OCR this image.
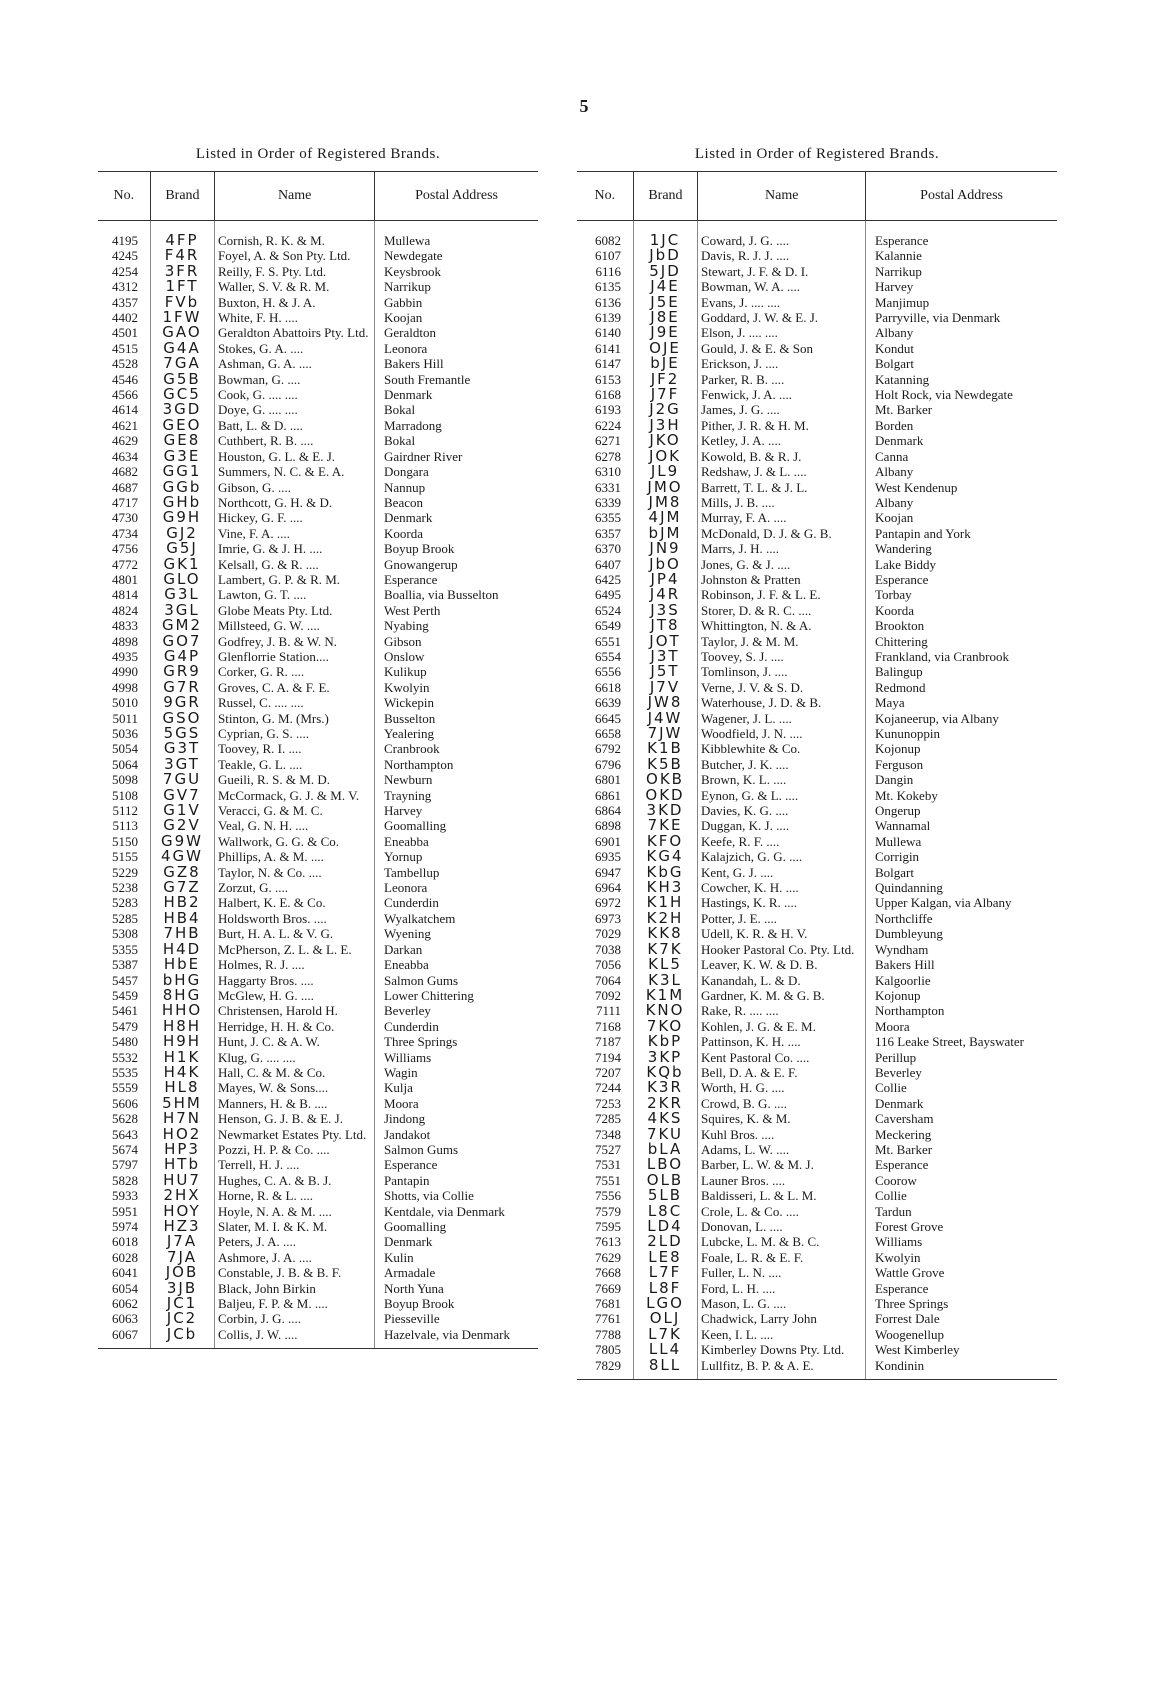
5
Listed in Order of Registered Brands.
No.	Brand	Name	Postal Address
4195	4FP	Cornish, R. K. & M.	Mullewa
4245	F4R	Foyel, A. & Son Pty. Ltd.	Newdegate
4254	3FR	Reilly, F. S. Pty. Ltd.	Keysbrook
4312	1FT	Waller, S. V. & R. M.	Narrikup
4357	FVb	Buxton, H. & J. A.	Gabbin
4402	1FW	White, F. H. ....	Koojan
4501	GAO	Geraldton Abattoirs Pty. Ltd.	Geraldton
4515	G4A	Stokes, G. A. ....	Leonora
4528	7GA	Ashman, G. A. ....	Bakers Hill
4546	G5B	Bowman, G. ....	South Fremantle
4566	GC5	Cook, G. .... ....	Denmark
4614	3GD	Doye, G. .... ....	Bokal
4621	GEO	Batt, L. & D. ....	Marradong
4629	GE8	Cuthbert, R. B. ....	Bokal
4634	G3E	Houston, G. L. & E. J.	Gairdner River
4682	GG1	Summers, N. C. & E. A.	Dongara
4687	GGb	Gibson, G. ....	Nannup
4717	GHb	Northcott, G. H. & D.	Beacon
4730	G9H	Hickey, G. F. ....	Denmark
4734	GJ2	Vine, F. A. ....	Koorda
4756	G5J	Imrie, G. & J. H. ....	Boyup Brook
4772	GK1	Kelsall, G. & R. ....	Gnowangerup
4801	GLO	Lambert, G. P. & R. M.	Esperance
4814	G3L	Lawton, G. T. ....	Boallia, via Busselton
4824	3GL	Globe Meats Pty. Ltd.	West Perth
4833	GM2	Millsteed, G. W. ....	Nyabing
4898	GO7	Godfrey, J. B. & W. N.	Gibson
4935	G4P	Glenflorrie Station....	Onslow
4990	GR9	Corker, G. R. ....	Kulikup
4998	G7R	Groves, C. A. & F. E.	Kwolyin
5010	9GR	Russel, C. .... ....	Wickepin
5011	GSO	Stinton, G. M. (Mrs.)	Busselton
5036	5GS	Cyprian, G. S. ....	Yealering
5054	G3T	Toovey, R. I. ....	Cranbrook
5064	3GT	Teakle, G. L. ....	Northampton
5098	7GU	Gueili, R. S. & M. D.	Newburn
5108	GV7	McCormack, G. J. & M. V.	Trayning
5112	G1V	Veracci, G. & M. C.	Harvey
5113	G2V	Veal, G. N. H. ....	Goomalling
5150	G9W	Wallwork, G. G. & Co.	Eneabba
5155	4GW	Phillips, A. & M. ....	Yornup
5229	GZ8	Taylor, N. & Co. ....	Tambellup
5238	G7Z	Zorzut, G. ....	Leonora
5283	HB2	Halbert, K. E. & Co.	Cunderdin
5285	HB4	Holdsworth Bros. ....	Wyalkatchem
5308	7HB	Burt, H. A. L. & V. G.	Wyening
5355	H4D	McPherson, Z. L. & L. E.	Darkan
5387	HbE	Holmes, R. J. ....	Eneabba
5457	bHG	Haggarty Bros. ....	Salmon Gums
5459	8HG	McGlew, H. G. ....	Lower Chittering
5461	HHO	Christensen, Harold H.	Beverley
5479	H8H	Herridge, H. H. & Co.	Cunderdin
5480	H9H	Hunt, J. C. & A. W.	Three Springs
5532	H1K	Klug, G. .... ....	Williams
5535	H4K	Hall, C. & M. & Co.	Wagin
5559	HL8	Mayes, W. & Sons....	Kulja
5606	5HM	Manners, H. & B. ....	Moora
5628	H7N	Henson, G. J. B. & E. J.	Jindong
5643	HO2	Newmarket Estates Pty. Ltd.	Jandakot
5674	HP3	Pozzi, H. P. & Co. ....	Salmon Gums
5797	HTb	Terrell, H. J. ....	Esperance
5828	HU7	Hughes, C. A. & B. J.	Pantapin
5933	2HX	Horne, R. & L. ....	Shotts, via Collie
5951	HOY	Hoyle, N. A. & M. ....	Kentdale, via Denmark
5974	HZ3	Slater, M. I. & K. M.	Goomalling
6018	J7A	Peters, J. A. ....	Denmark
6028	7JA	Ashmore, J. A. ....	Kulin
6041	JOB	Constable, J. B. & B. F.	Armadale
6054	3JB	Black, John Birkin	North Yuna
6062	JC1	Baljeu, F. P. & M. ....	Boyup Brook
6063	JC2	Corbin, J. G. ....	Piesseville
6067	JCb	Collis, J. W. ....	Hazelvale, via Denmark
Listed in Order of Registered Brands.
No.	Brand	Name	Postal Address
6082	1JC	Coward, J. G. ....	Esperance
6107	JbD	Davis, R. J. J. ....	Kalannie
6116	5JD	Stewart, J. F. & D. I.	Narrikup
6135	J4E	Bowman, W. A. ....	Harvey
6136	J5E	Evans, J. .... ....	Manjimup
6139	J8E	Goddard, J. W. & E. J.	Parryville, via Denmark
6140	J9E	Elson, J. .... ....	Albany
6141	OJE	Gould, J. & E. & Son	Kondut
6147	bJE	Erickson, J. ....	Bolgart
6153	JF2	Parker, R. B. ....	Katanning
6168	J7F	Fenwick, J. A. ....	Holt Rock, via Newdegate
6193	J2G	James, J. G. ....	Mt. Barker
6224	J3H	Pither, J. R. & H. M.	Borden
6271	JKO	Ketley, J. A. ....	Denmark
6278	JOK	Kowold, B. & R. J.	Canna
6310	JL9	Redshaw, J. & L. ....	Albany
6331	JMO	Barrett, T. L. & J. L.	West Kendenup
6339	JM8	Mills, J. B. ....	Albany
6355	4JM	Murray, F. A. ....	Koojan
6357	bJM	McDonald, D. J. & G. B.	Pantapin and York
6370	JN9	Marrs, J. H. ....	Wandering
6407	JbO	Jones, G. & J. ....	Lake Biddy
6425	JP4	Johnston & Pratten	Esperance
6495	J4R	Robinson, J. F. & L. E.	Torbay
6524	J3S	Storer, D. & R. C. ....	Koorda
6549	JT8	Whittington, N. & A.	Brookton
6551	JOT	Taylor, J. & M. M.	Chittering
6554	J3T	Toovey, S. J. ....	Frankland, via Cranbrook
6556	J5T	Tomlinson, J. ....	Balingup
6618	J7V	Verne, J. V. & S. D.	Redmond
6639	JW8	Waterhouse, J. D. & B.	Maya
6645	J4W	Wagener, J. L. ....	Kojaneerup, via Albany
6658	7JW	Woodfield, J. N. ....	Kununoppin
6792	K1B	Kibblewhite & Co.	Kojonup
6796	K5B	Butcher, J. K. ....	Ferguson
6801	OKB	Brown, K. L. ....	Dangin
6861	OKD	Eynon, G. & L. ....	Mt. Kokeby
6864	3KD	Davies, K. G. ....	Ongerup
6898	7KE	Duggan, K. J. ....	Wannamal
6901	KFO	Keefe, R. F. ....	Mullewa
6935	KG4	Kalajzich, G. G. ....	Corrigin
6947	KbG	Kent, G. J. ....	Bolgart
6964	KH3	Cowcher, K. H. ....	Quindanning
6972	K1H	Hastings, K. R. ....	Upper Kalgan, via Albany
6973	K2H	Potter, J. E. ....	Northcliffe
7029	KK8	Udell, K. R. & H. V.	Dumbleyung
7038	K7K	Hooker Pastoral Co. Pty. Ltd.	Wyndham
7056	KL5	Leaver, K. W. & D. B.	Bakers Hill
7064	K3L	Kanandah, L. & D.	Kalgoorlie
7092	K1M	Gardner, K. M. & G. B.	Kojonup
7111	KNO	Rake, R. .... ....	Northampton
7168	7KO	Kohlen, J. G. & E. M.	Moora
7187	KbP	Pattinson, K. H. ....	116 Leake Street, Bayswater
7194	3KP	Kent Pastoral Co. ....	Perillup
7207	KQb	Bell, D. A. & E. F.	Beverley
7244	K3R	Worth, H. G. ....	Collie
7253	2KR	Crowd, B. G. ....	Denmark
7285	4KS	Squires, K. & M.	Caversham
7348	7KU	Kuhl Bros. ....	Meckering
7527	bLA	Adams, L. W. ....	Mt. Barker
7531	LBO	Barber, L. W. & M. J.	Esperance
7551	OLB	Launer Bros. ....	Coorow
7556	5LB	Baldisseri, L. & L. M.	Collie
7579	L8C	Crole, L. & Co. ....	Tardun
7595	LD4	Donovan, L. ....	Forest Grove
7613	2LD	Lubcke, L. M. & B. C.	Williams
7629	LE8	Foale, L. R. & E. F.	Kwolyin
7668	L7F	Fuller, L. N. ....	Wattle Grove
7669	L8F	Ford, L. H. ....	Esperance
7681	LGO	Mason, L. G. ....	Three Springs
7761	OLJ	Chadwick, Larry John	Forrest Dale
7788	L7K	Keen, I. L. ....	Woogenellup
7805	LL4	Kimberley Downs Pty. Ltd.	West Kimberley
7829	8LL	Lullfitz, B. P. & A. E.	Kondinin
